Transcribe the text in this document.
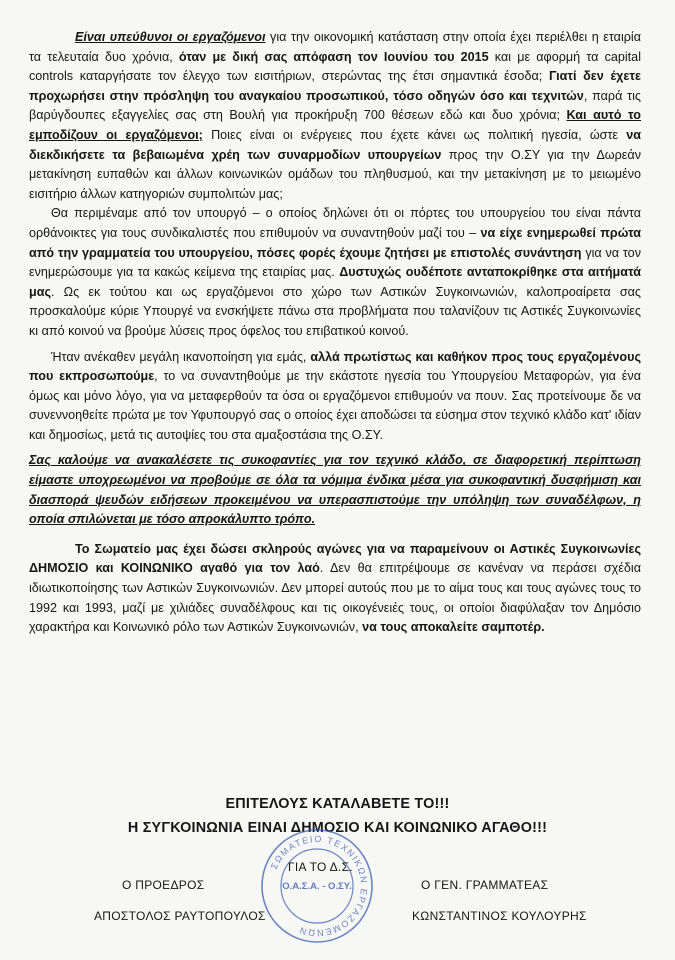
Είναι υπεύθυνοι οι εργαζόμενοι για την οικονομική κατάσταση στην οποία έχει περιέλθει η εταιρία τα τελευταία δυο χρόνια, όταν με δική σας απόφαση τον Ιουνίου του 2015 και με αφορμή τα capital controls καταργήσατε τον έλεγχο των εισιτήριων, στερώντας της έτσι σημαντικά έσοδα; Γιατί δεν έχετε προχωρήσει στην πρόσληψη του αναγκαίου προσωπικού, τόσο οδηγών όσο και τεχνιτών, παρά τις βαρύγδουπες εξαγγελίες σας στη Βουλή για προκήρυξη 700 θέσεων εδώ και δυο χρόνια; Και αυτό το εμποδίζουν οι εργαζόμενοι; Ποιες είναι οι ενέργειες που έχετε κάνει ως πολιτική ηγεσία, ώστε να διεκδικήσετε τα βεβαιωμένα χρέη των συναρμοδίων υπουργείων προς την Ο.ΣΥ για την Δωρεάν μετακίνηση ευπαθών και άλλων κοινωνικών ομάδων του πληθυσμού, και την μετακίνηση με το μειωμένο εισιτήριο άλλων κατηγοριών συμπολιτών μας;

Θα περιμέναμε από τον υπουργό – ο οποίος δηλώνει ότι οι πόρτες του υπουργείου του είναι πάντα ορθάνοικτες για τους συνδικαλιστές που επιθυμούν να συναντηθούν μαζί του – να είχε ενημερωθεί πρώτα από την γραμματεία του υπουργείου, πόσες φορές έχουμε ζητήσει με επιστολές συνάντηση για να τον ενημερώσουμε για τα κακώς κείμενα της εταιρίας μας. Δυστυχώς ουδέποτε ανταποκρίθηκε στα αιτήματά μας. Ως εκ τούτου και ως εργαζόμενοι στο χώρο των Αστικών Συγκοινωνιών, καλοπροαίρετα σας προσκαλούμε κύριε Υπουργέ να ενσκήψετε πάνω στα προβλήματα που ταλανίζουν τις Αστικές Συγκοινωνίες κι από κοινού να βρούμε λύσεις προς όφελος του επιβατικού κοινού.

Ήταν ανέκαθεν μεγάλη ικανοποίηση για εμάς, αλλά πρωτίστως και καθήκον προς τους εργαζομένους που εκπροσωπούμε, το να συναντηθούμε με την εκάστοτε ηγεσία του Υπουργείου Μεταφορών, για ένα όμως και μόνο λόγο, για να μεταφερθούν τα όσα οι εργαζόμενοι επιθυμούν να πουν. Σας προτείνουμε δε να συνεννοηθείτε πρώτα με τον Υφυπουργό σας ο οποίος έχει αποδώσει τα εύσημα στον τεχνικό κλάδο κατ' ιδίαν και δημοσίως, μετά τις αυτοψίες του στα αμαξοστάσια της Ο.ΣΥ.

Σας καλούμε να ανακαλέσετε τις συκοφαντίες για τον τεχνικό κλάδο, σε διαφορετική περίπτωση είμαστε υποχρεωμένοι να προβούμε σε όλα τα νόμιμα ένδικα μέσα για συκοφαντική δυσφήμιση και διασπορά ψευδών ειδήσεων προκειμένου να υπερασπιστούμε την υπόληψη των συναδέλφων, η οποία σπιλώνεται με τόσο απροκάλυπτο τρόπο.

Το Σωματείο μας έχει δώσει σκληρούς αγώνες για να παραμείνουν οι Αστικές Συγκοινωνίες ΔΗΜΟΣΙΟ και ΚΟΙΝΩΝΙΚΟ αγαθό για τον λαό. Δεν θα επιτρέψουμε σε κανέναν να περάσει σχέδια ιδιωτικοποίησης των Αστικών Συγκοινωνιών. Δεν μπορεί αυτούς που με το αίμα τους και τους αγώνες τους το 1992 και 1993, μαζί με χιλιάδες συναδέλφους και τις οικογένειές τους, οι οποίοι διαφύλαξαν τον Δημόσιο χαρακτήρα και Κοινωνικό ρόλο των Αστικών Συγκοινωνιών, να τους αποκαλείτε σαμποτέρ.

ΕΠΙΤΕΛΟΥΣ ΚΑΤΑΛΑΒΕΤΕ ΤΟ!!!
Η ΣΥΓΚΟΙΝΩΝΙΑ ΕΙΝΑΙ ΔΗΜΟΣΙΟ ΚΑΙ ΚΟΙΝΩΝΙΚΟ ΑΓΑΘΟ!!!
ΣΩΜΑΤΕΙΟ ΤΕΧΝΙΚΩΝ ΕΡΓΑΖΟΜΕΝΩΝ
Ο.Α.Σ.Α. - Ο.ΣΥ.
ΓΙΑ ΤΟ Δ.Σ.
Ο ΠΡΟΕΔΡΟΣ
ΑΠΟΣΤΟΛΟΣ ΡΑΥΤΟΠΟΥΛΟΣ
Ο ΓΕΝ. ΓΡΑΜΜΑΤΕΑΣ
ΚΩΝΣΤΑΝΤΙΝΟΣ ΚΟΥΛΟΥΡΗΣ
